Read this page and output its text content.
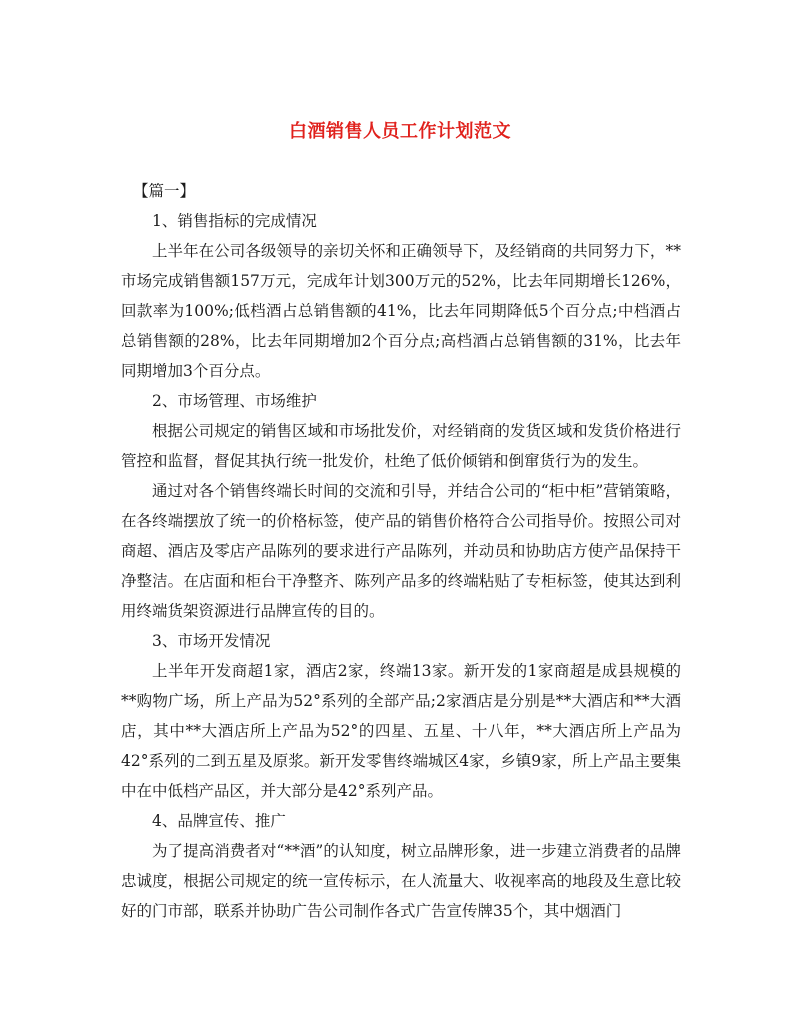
白酒销售人员工作计划范文

【篇一】

1、销售指标的完成情况

上半年在公司各级领导的亲切关怀和正确领导下，及经销商的共同努力下，**市场完成销售额157万元，完成年计划300万元的52%，比去年同期增长126%，回款率为100%;低档酒占总销售额的41%，比去年同期降低5个百分点;中档酒占总销售额的28%，比去年同期增加2个百分点;高档酒占总销售额的31%，比去年同期增加3个百分点。

2、市场管理、市场维护

根据公司规定的销售区域和市场批发价，对经销商的发货区域和发货价格进行管控和监督，督促其执行统一批发价，杜绝了低价倾销和倒窜货行为的发生。

通过对各个销售终端长时间的交流和引导，并结合公司的“柜中柜”营销策略，在各终端摆放了统一的价格标签，使产品的销售价格符合公司指导价。按照公司对商超、酒店及零店产品陈列的要求进行产品陈列，并动员和协助店方使产品保持干净整洁。在店面和柜台干净整齐、陈列产品多的终端粘贴了专柜标签，使其达到利用终端货架资源进行品牌宣传的目的。

3、市场开发情况

上半年开发商超1家，酒店2家，终端13家。新开发的1家商超是成县规模的**购物广场，所上产品为52°系列的全部产品;2家酒店是分别是**大酒店和**大酒店，其中**大酒店所上产品为52°的四星、五星、十八年，**大酒店所上产品为42°系列的二到五星及原浆。新开发零售终端城区4家，乡镇9家，所上产品主要集中在中低档产品区，并大部分是42°系列产品。

4、品牌宣传、推广

为了提高消费者对“**酒”的认知度，树立品牌形象，进一步建立消费者的品牌忠诚度，根据公司规定的统一宣传标示，在人流量大、收视率高的地段及生意比较好的门市部，联系并协助广告公司制作各式广告宣传牌35个，其中烟酒门
